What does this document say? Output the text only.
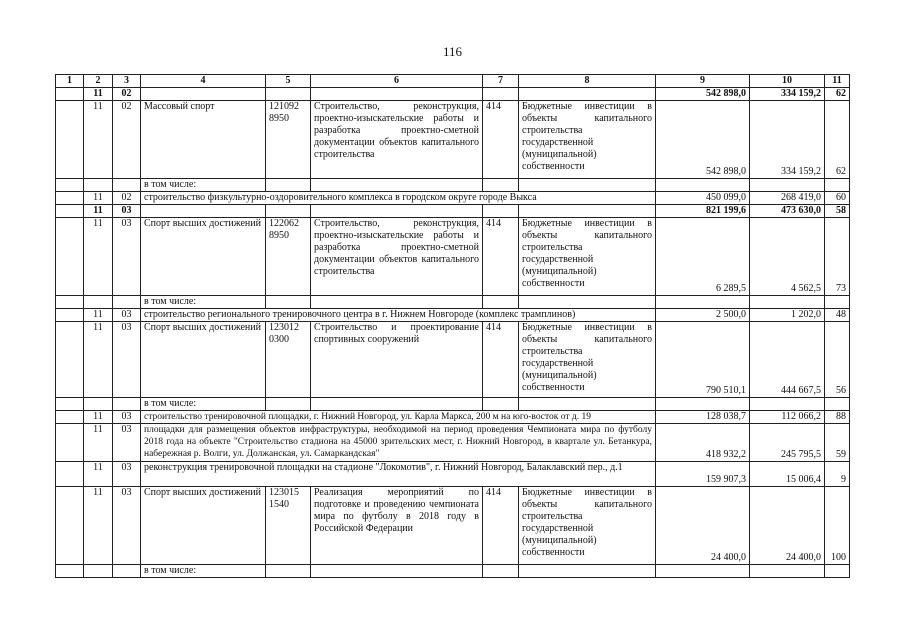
116
1	2	3	4	5	6	7	8	9	10	11
	11	02						542 898,0	334 159,2	62
	11	02	Массовый спорт	121092 8950	Строительство, реконструкция, проектно-изыскательские работы и разработка проектно-сметной документации объектов капитального строительства	414	Бюджетные инвестиции в объекты капитального строительства государственной (муниципальной) собственности	542 898,0	334 159,2	62
			в том числе:							
	11	02	строительство физкультурно-оздоровительного комплекса в городском округе городе Выкса					450 099,0	268 419,0	60
	11	03						821 199,6	473 630,0	58
	11	03	Спорт высших достижений	122062 8950	Строительство, реконструкция, проектно-изыскательские работы и разработка проектно-сметной документации объектов капитального строительства	414	Бюджетные инвестиции в объекты капитального строительства государственной (муниципальной) собственности	6 289,5	4 562,5	73
			в том числе:							
	11	03	строительство регионального тренировочного центра в г. Нижнем Новгороде (комплекс трамплинов)					2 500,0	1 202,0	48
	11	03	Спорт высших достижений	123012 0300	Строительство и проектирование спортивных сооружений	414	Бюджетные инвестиции в объекты капитального строительства государственной (муниципальной) собственности	790 510,1	444 667,5	56
			в том числе:							
	11	03	строительство тренировочной площадки, г. Нижний Новгород, ул. Карла Маркса, 200 м на юго-восток от д. 19					128 038,7	112 066,2	88
	11	03	площадки для размещения объектов инфраструктуры, необходимой на период проведения Чемпионата мира по футболу 2018 года на объекте "Строительство стадиона на 45000 зрительских мест, г. Нижний Новгород, в квартале ул. Бетанкура, набережная р. Волги, ул. Должанская, ул. Самаркандская"					418 932,2	245 795,5	59
	11	03	реконструкция тренировочной площадки на стадионе "Локомотив", г. Нижний Новгород, Балаклавский пер., д.1					159 907,3	15 006,4	9
	11	03	Спорт высших достижений	123015 1540	Реализация мероприятий по подготовке и проведению чемпионата мира по футболу в 2018 году в Российской Федерации	414	Бюджетные инвестиции в объекты капитального строительства государственной (муниципальной) собственности	24 400,0	24 400,0	100
			в том числе:							
